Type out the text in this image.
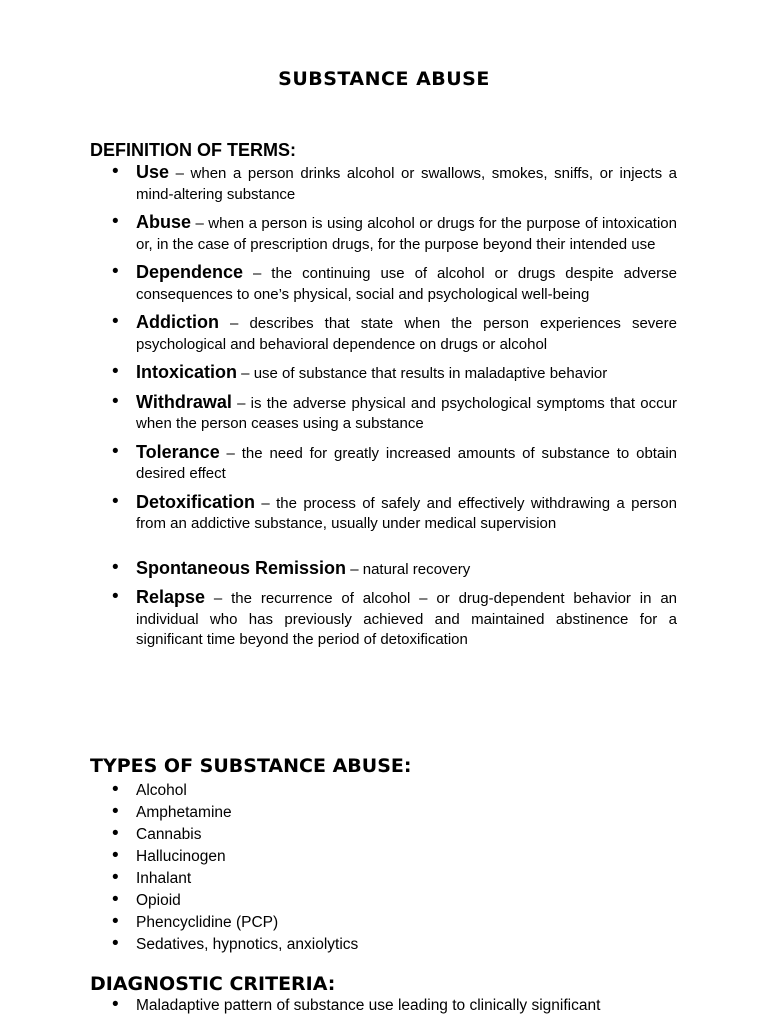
SUBSTANCE ABUSE
DEFINITION OF TERMS:
• Use – when a person drinks alcohol or swallows, smokes, sniffs, or injects a mind-altering substance
• Abuse – when a person is using alcohol or drugs for the purpose of intoxication or, in the case of prescription drugs, for the purpose beyond their intended use
• Dependence – the continuing use of alcohol or drugs despite adverse consequences to one’s physical, social and psychological well-being
• Addiction – describes that state when the person experiences severe psychological and behavioral dependence on drugs or alcohol
• Intoxication – use of substance that results in maladaptive behavior
• Withdrawal – is the adverse physical and psychological symptoms that occur when the person ceases using a substance
• Tolerance – the need for greatly increased amounts of substance to obtain desired effect
• Detoxification – the process of safely and effectively withdrawing a person from an addictive substance, usually under medical supervision
• Spontaneous Remission – natural recovery
• Relapse – the recurrence of alcohol – or drug-dependent behavior in an individual who has previously achieved and maintained abstinence for a significant time beyond the period of detoxification
TYPES OF SUBSTANCE ABUSE:
• Alcohol
• Amphetamine
• Cannabis
• Hallucinogen
• Inhalant
• Opioid
• Phencyclidine (PCP)
• Sedatives, hypnotics, anxiolytics
DIAGNOSTIC CRITERIA:
• Maladaptive pattern of substance use leading to clinically significant
